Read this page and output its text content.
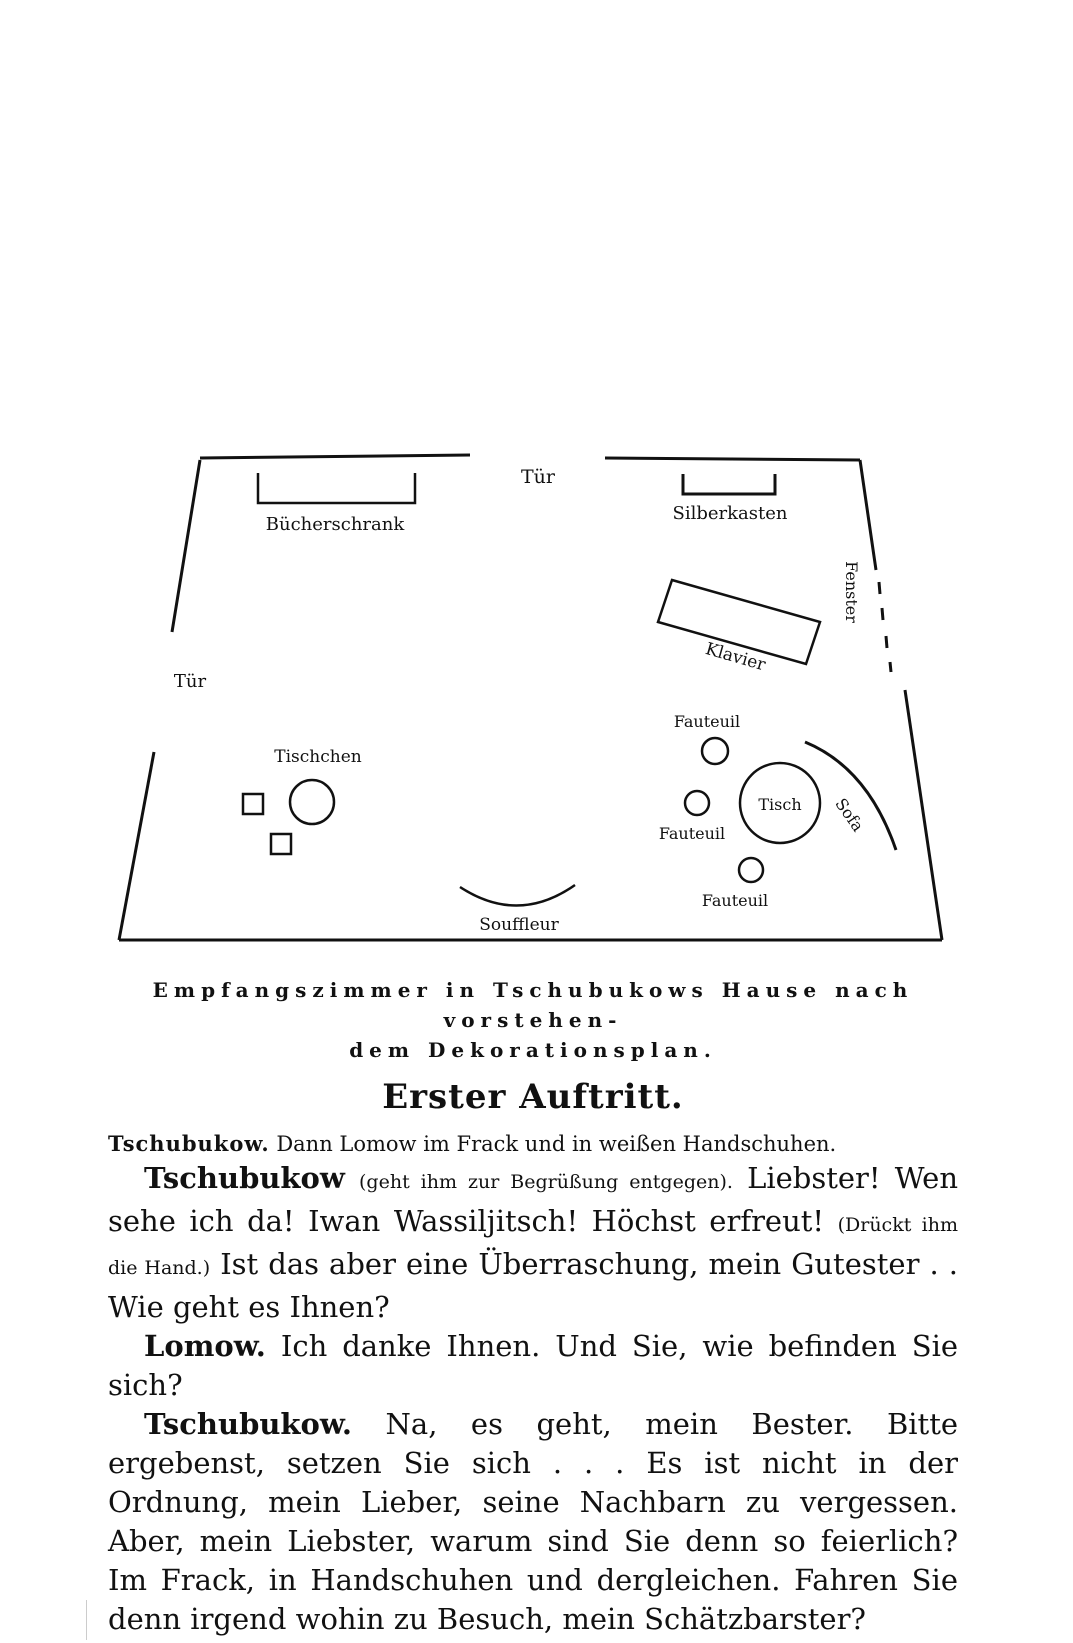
Tür
Bücherschrank
Silberkasten
Fenster
Klavier
Tür
Tischchen
Fauteuil
Fauteuil
Fauteuil
Tisch Sofa
Souffleur
Empfangszimmer in Tschubukows Hause nach vorstehen-
dem Dekorationsplan.
Erster Auftritt.
Tschubukow. Dann Lomow im Frack und in weißen Handschuhen.

Tschubukow (geht ihm zur Begrüßung entgegen). Liebster! Wen sehe ich da! Iwan Wassiljitsch! Höchst erfreut! (Drückt ihm die Hand.) Ist das aber eine Überraschung, mein Gutester . . Wie geht es Ihnen?

Lomow. Ich danke Ihnen. Und Sie, wie befinden Sie sich?

Tschubukow. Na, es geht, mein Bester. Bitte ergebenst, setzen Sie sich . . . Es ist nicht in der Ordnung, mein Lieber, seine Nachbarn zu vergessen. Aber, mein Liebster, warum sind Sie denn so feierlich? Im Frack, in Handschuhen und dergleichen. Fahren Sie denn irgend wohin zu Besuch, mein Schätzbarster?
